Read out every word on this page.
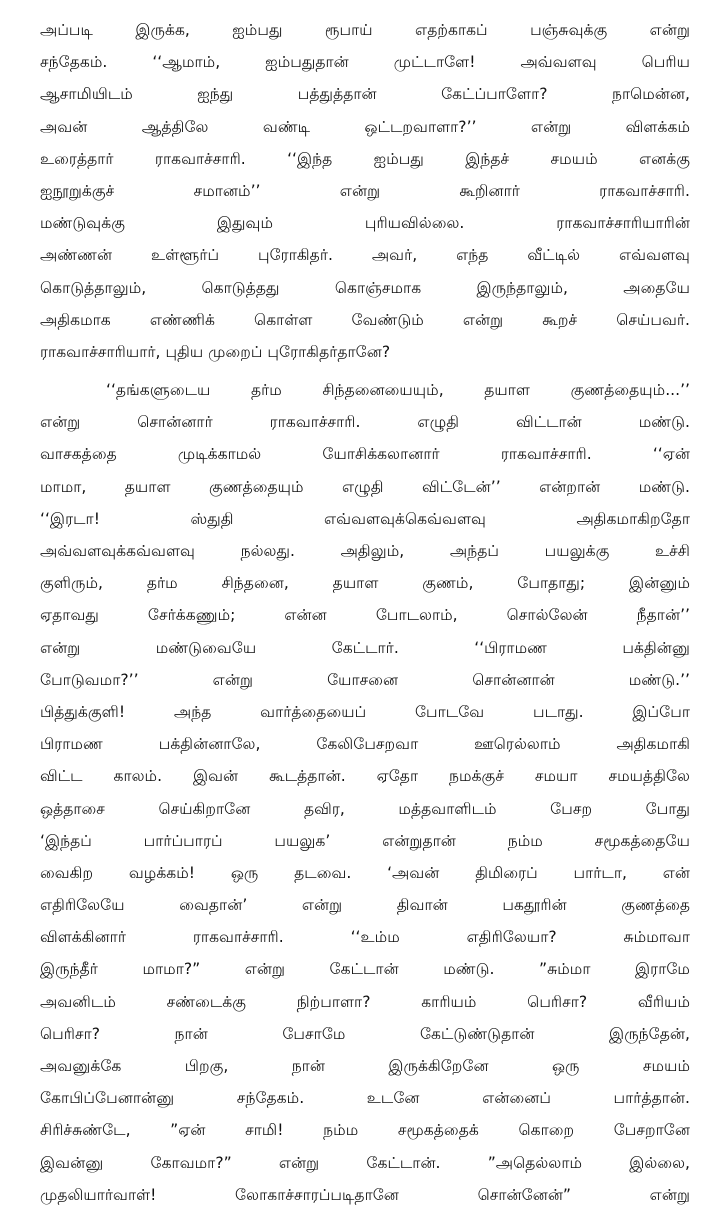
அப்படி இருக்க, ஐம்பது ரூபாய் எதற்காகப் பஞ்சுவுக்கு என்று
சந்தேகம். ‘‘ஆமாம், ஐம்பதுதான் முட்டாளே! அவ்வளவு பெரிய
ஆசாமியிடம் ஐந்து பத்துத்தான் கேட்ப்பாளோ? நாமென்ன,
அவன் ஆத்திலே வண்டி ஒட்டறவாளா?’’ என்று விளக்கம்
உரைத்தார் ராகவாச்சாரி. ‘‘இந்த ஐம்பது இந்தச் சமயம் எனக்கு
ஐநூறுக்குச் சமானம்’’ என்று கூறினார் ராகவாச்சாரி.
மண்டுவுக்கு இதுவும் புரியவில்லை. ராகவாச்சாரியாரின்
அண்ணன் உள்ளூர்ப் புரோகிதர். அவர், எந்த வீட்டில் எவ்வளவு
கொடுத்தாலும், கொடுத்தது கொஞ்சமாக இருந்தாலும், அதையே
அதிகமாக எண்ணிக் கொள்ள வேண்டும் என்று கூறச் செய்பவர்.
ராகவாச்சாரியார், புதிய முறைப் புரோகிதர்தானே?
‘‘தங்களுடைய தர்ம சிந்தனையையும், தயாள குணத்தையும்...’’
என்று சொன்னார் ராகவாச்சாரி. எழுதி விட்டான் மண்டு.
வாசகத்தை முடிக்காமல் யோசிக்கலானார் ராகவாச்சாரி. ‘‘ஏன்
மாமா, தயாள குணத்தையும் எழுதி விட்டேன்’’ என்றான் மண்டு.
‘‘இரடா! ஸ்துதி எவ்வளவுக்கெவ்வளவு அதிகமாகிறதோ
அவ்வளவுக்கவ்வளவு நல்லது. அதிலும், அந்தப் பயலுக்கு உச்சி
குளிரும், தர்ம சிந்தனை, தயாள குணம், போதாது; இன்னும்
ஏதாவது சேர்க்கணும்; என்ன போடலாம், சொல்லேன் நீதான்’’
என்று மண்டுவையே கேட்டார். ‘‘பிராமண பக்தின்னு
போடுவமா?’’ என்று யோசனை சொன்னான் மண்டு.’’
பித்துக்குளி! அந்த வார்த்தையைப் போடவே படாது. இப்போ
பிராமண பக்தின்னாலே, கேலிபேசறவா ஊரெல்லாம் அதிகமாகி
விட்ட காலம். இவன் கூடத்தான். ஏதோ நமக்குச் சமயா சமயத்திலே
ஒத்தாசை செய்கிறானே தவிர, மத்தவாளிடம் பேசற போது
‘இந்தப் பார்ப்பாரப் பயலுக’ என்றுதான் நம்ம சமூகத்தையே
வைகிற வழக்கம்! ஒரு தடவை. ‘அவன் திமிரைப் பார்டா, என்
எதிரிலேயே வைதான்’ என்று திவான் பகதூரின் குணத்தை
விளக்கினார் ராகவாச்சாரி. ‘‘உம்ம எதிரிலேயா? சும்மாவா
இருந்தீர் மாமா?” என்று கேட்டான் மண்டு. ”சும்மா இராமே
அவனிடம் சண்டைக்கு நிற்பாளா? காரியம் பெரிசா? வீரியம்
பெரிசா? நான் பேசாமே கேட்டுண்டுதான் இருந்தேன்,
அவனுக்கே பிறகு, நான் இருக்கிறேனே ஒரு சமயம்
கோபிப்பேனான்னு சந்தேகம். உடனே என்னைப் பார்த்தான்.
சிரிச்சுண்டே, ”ஏன் சாமி! நம்ம சமூகத்தைக் கொறை பேசறானே
இவன்னு கோவமா?” என்று கேட்டான். ”அதெல்லாம் இல்லை,
முதலியார்வாள்! லோகாச்சாரப்படிதானே சொன்னேன்” என்று
